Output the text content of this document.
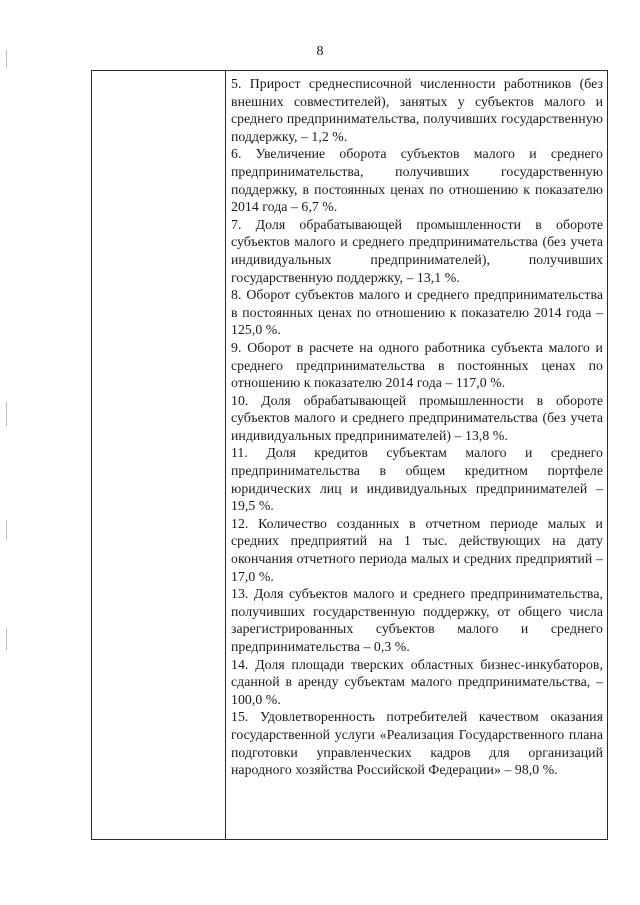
8

5. Прирост среднесписочной численности работников (без внешних совместителей), занятых у субъектов малого и среднего предпринимательства, получивших государственную поддержку, – 1,2 %.

6. Увеличение оборота субъектов малого и среднего предпринимательства, получивших государственную поддержку, в постоянных ценах по отношению к показателю 2014 года – 6,7 %.

7. Доля обрабатывающей промышленности в обороте субъектов малого и среднего предпринимательства (без учета индивидуальных предпринимателей), получивших государственную поддержку, – 13,1 %.

8. Оборот субъектов малого и среднего предпринимательства в постоянных ценах по отношению к показателю 2014 года – 125,0 %.

9. Оборот в расчете на одного работника субъекта малого и среднего предпринимательства в постоянных ценах по отношению к показателю 2014 года – 117,0 %.

10. Доля обрабатывающей промышленности в обороте субъектов малого и среднего предпринимательства (без учета индивидуальных предпринимателей) – 13,8 %.

11. Доля кредитов субъектам малого и среднего предпринимательства в общем кредитном портфеле юридических лиц и индивидуальных предпринимателей – 19,5 %.

12. Количество созданных в отчетном периоде малых и средних предприятий на 1 тыс. действующих на дату окончания отчетного периода малых и средних предприятий – 17,0 %.

13. Доля субъектов малого и среднего предпринимательства, получивших государственную поддержку, от общего числа зарегистрированных субъектов малого и среднего предпринимательства – 0,3 %.

14. Доля площади тверских областных бизнес-инкубаторов, сданной в аренду субъектам малого предпринимательства, – 100,0 %.

15. Удовлетворенность потребителей качеством оказания государственной услуги «Реализация Государственного плана подготовки управленческих кадров для организаций народного хозяйства Российской Федерации» – 98,0 %.
